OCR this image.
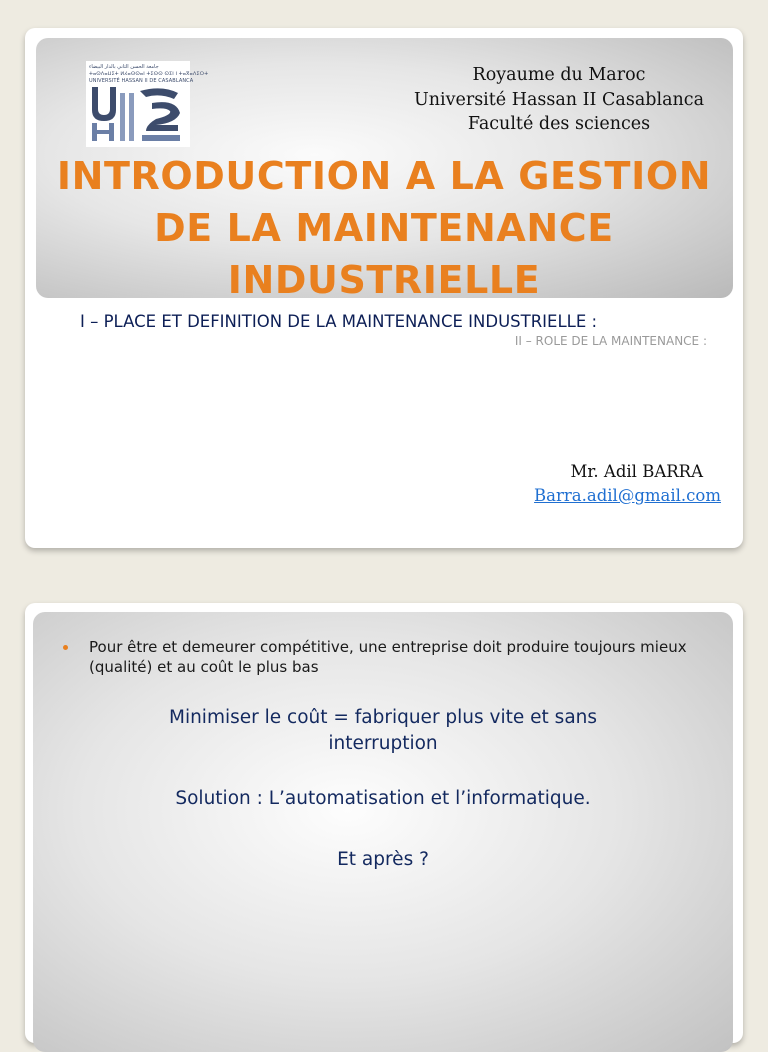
جامعة الحسن الثاني بالدار البيضاء
ⵜⴰⵙⴷⴰⵡⵉⵜ ⵍⵃⴰⵙⵙⴰⵏ ⵜⵉⵙⵙ ⵙⵉⵏ ⵏ ⵜⴰⴳⴰⴷⵉⵔⵜ
UNIVERSITÉ HASSAN II DE CASABLANCA	Royaume du Maroc
Université Hassan II Casablanca
Faculté des sciences
INTRODUCTION A LA GESTION
DE LA MAINTENANCE
INDUSTRIELLE
I – PLACE ET DEFINITION DE LA MAINTENANCE INDUSTRIELLE :
II – ROLE DE LA MAINTENANCE :
Mr. Adil BARRA
Barra.adil@gmail.com
Pour être et demeurer compétitive, une entreprise doit produire toujours mieux (qualité) et au coût le plus bas
Minimiser le coût = fabriquer plus vite et sans
interruption
Solution : L’automatisation et l’informatique.
Et après ?
